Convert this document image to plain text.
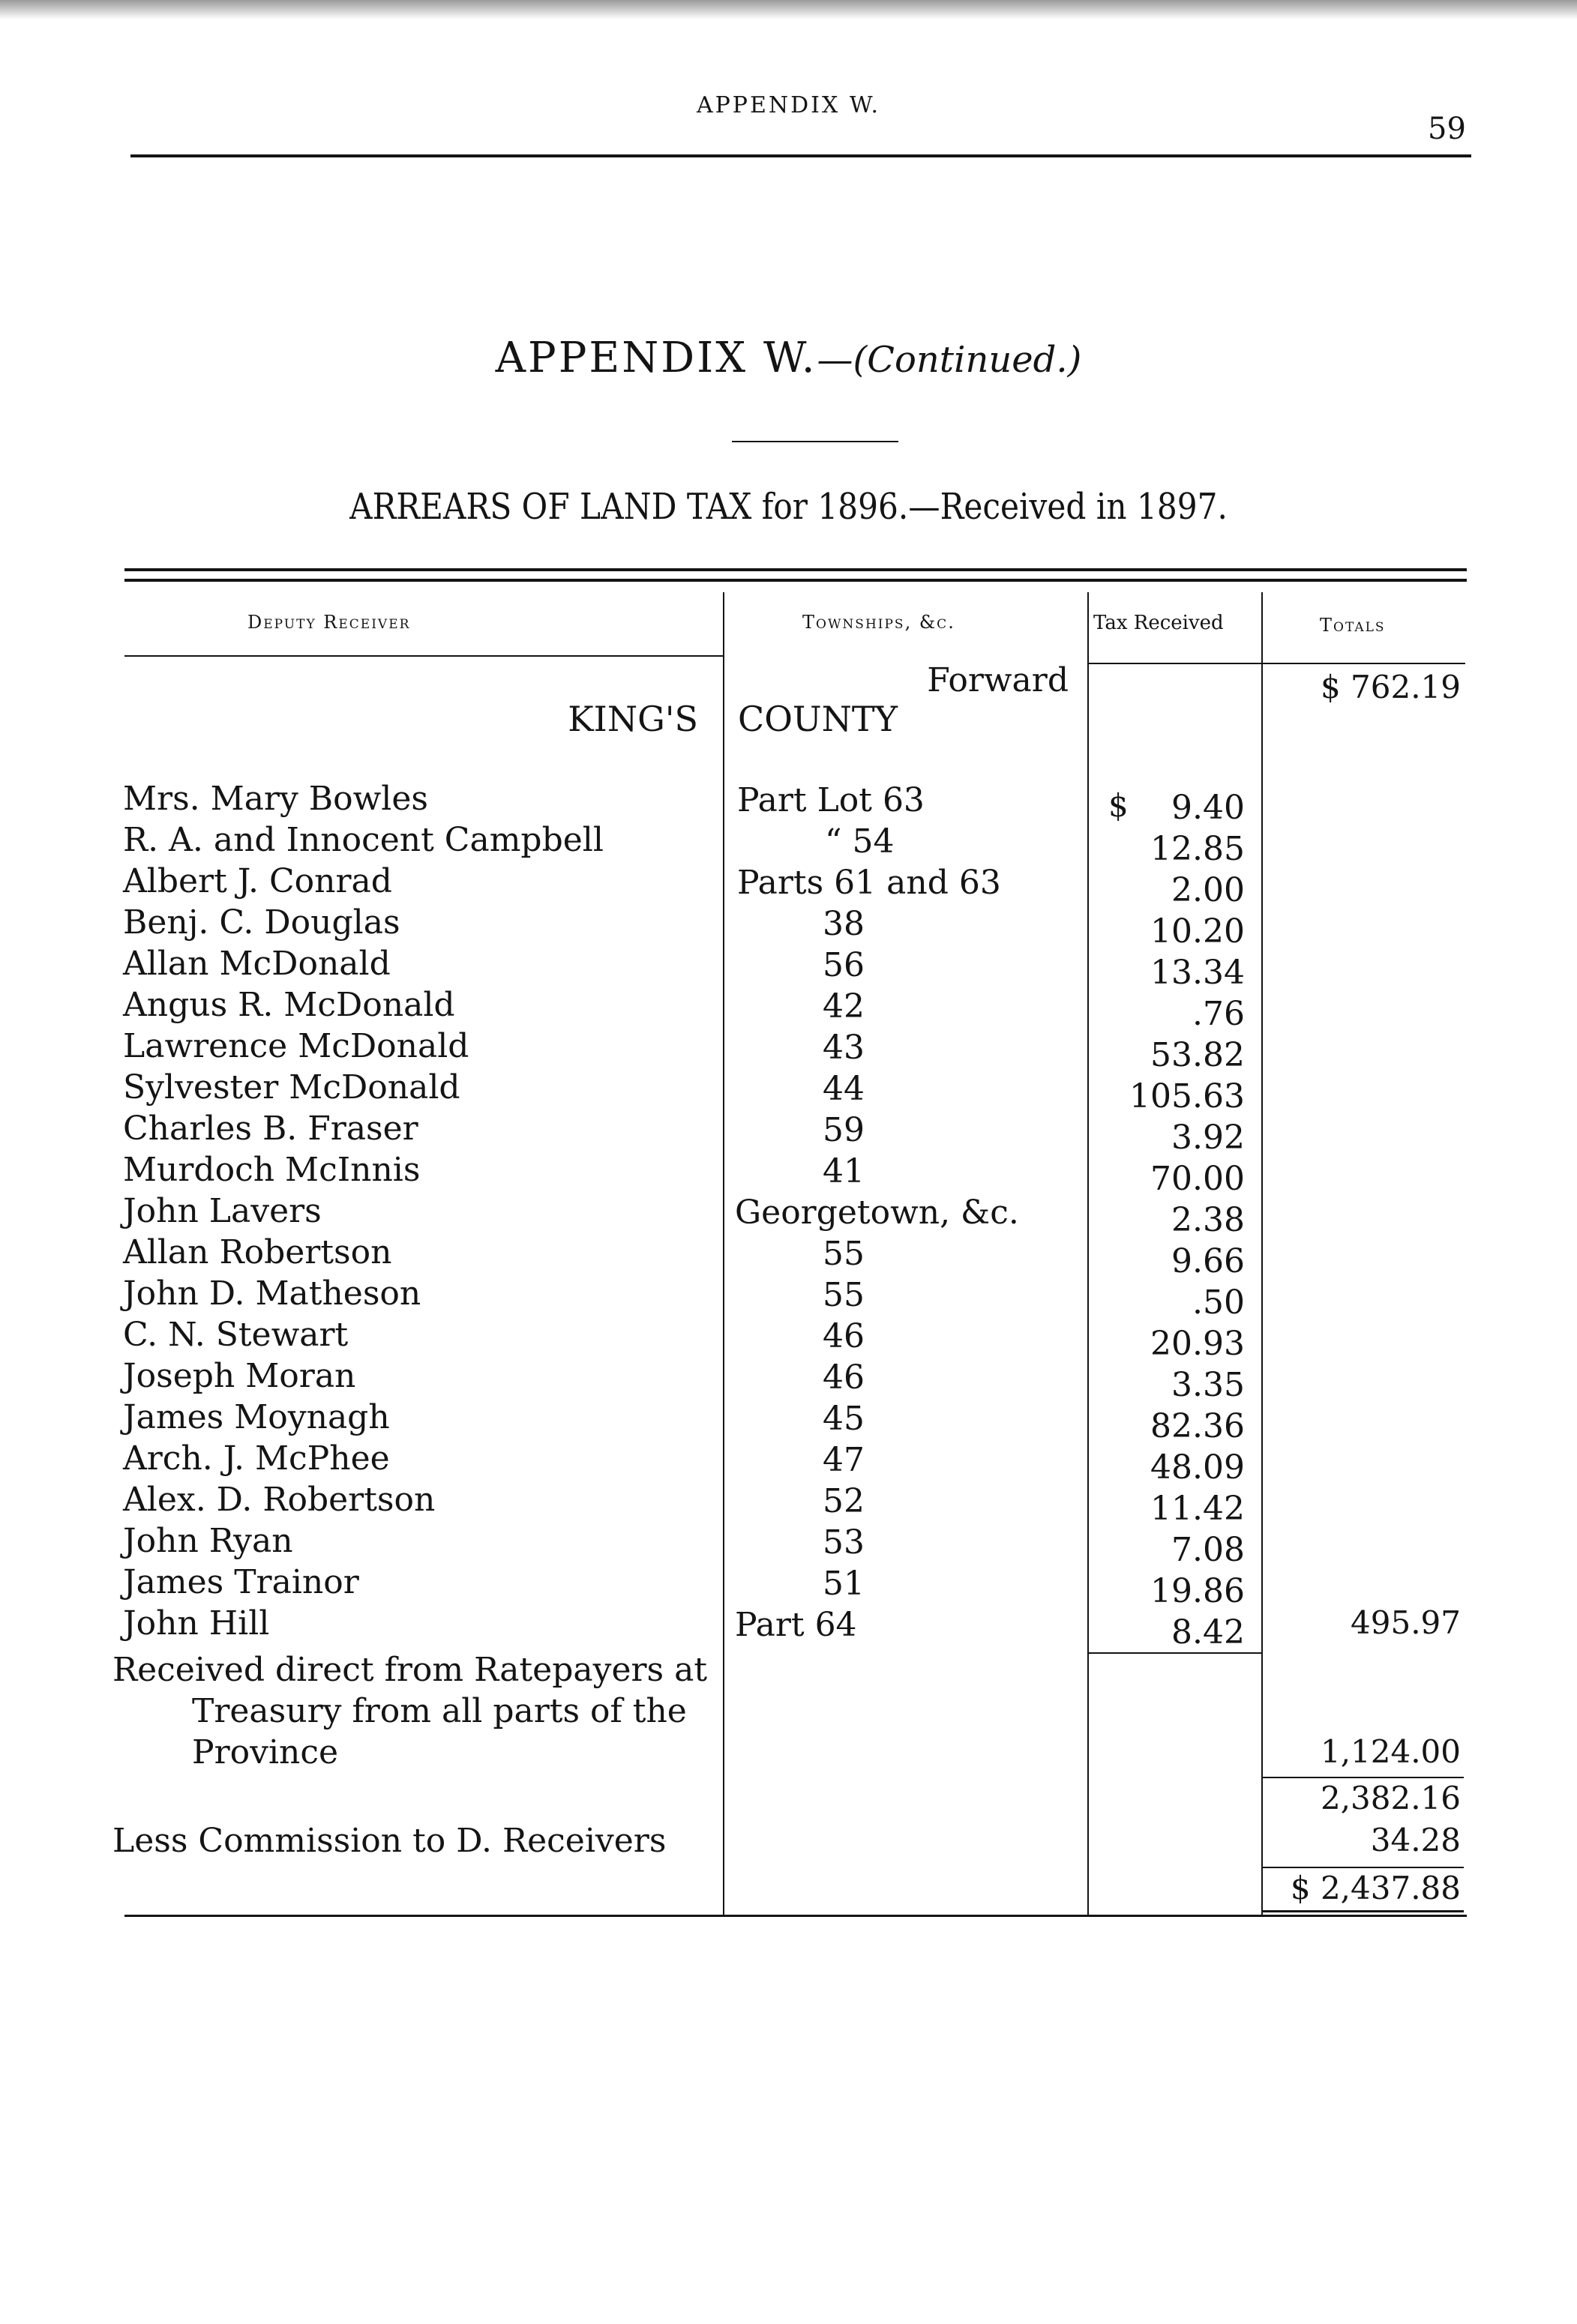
APPENDIX W.
59
APPENDIX W.—(Continued.)
ARREARS OF LAND TAX for 1896.—Received in 1897.
Deputy Receiver	Townships, &c.	Tax Received	Totals
Forward	$ 762.19
KING'S COUNTY
$
Mrs. Mary Bowles	Part Lot 63	9.40
R. A. and Innocent Campbell	“ 54	12.85
Albert J. Conrad	Parts 61 and 63	2.00
Benj. C. Douglas	38	10.20
Allan McDonald	56	13.34
Angus R. McDonald	42	.76
Lawrence McDonald	43	53.82
Sylvester McDonald	44	105.63
Charles B. Fraser	59	3.92
Murdoch McInnis	41	70.00
John Lavers	Georgetown, &c.	2.38
Allan Robertson	55	9.66
John D. Matheson	55	.50
C. N. Stewart	46	20.93
Joseph Moran	46	3.35
James Moynagh	45	82.36
Arch. J. McPhee	47	48.09
Alex. D. Robertson	52	11.42
John Ryan	53	7.08
James Trainor	51	19.86
John Hill	Part 64	8.42	495.97
Received direct from Ratepayers at
Treasury from all parts of the
Province	1,124.00
2,382.16
Less Commission to D. Receivers	34.28
$ 2,437.88
